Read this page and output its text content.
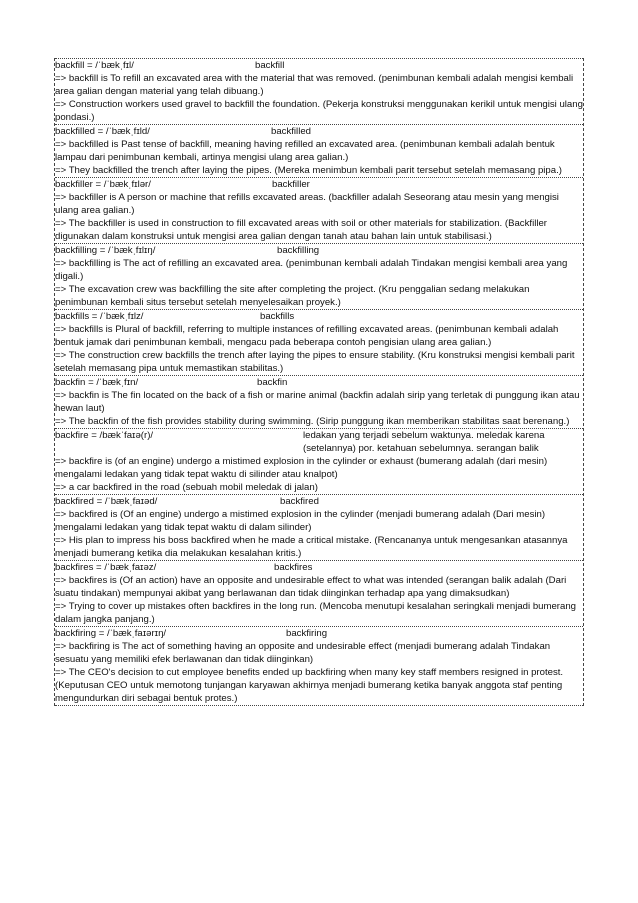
backfill = /ˈbækˌfɪl/	backfill
=> backfill is To refill an excavated area with the material that was removed. (penimbunan kembali adalah mengisi kembali area galian dengan material yang telah dibuang.)
=> Construction workers used gravel to backfill the foundation. (Pekerja konstruksi menggunakan kerikil untuk mengisi ulang pondasi.)
backfilled = /ˈbækˌfɪld/	backfilled
=> backfilled is Past tense of backfill, meaning having refilled an excavated area. (penimbunan kembali adalah bentuk lampau dari penimbunan kembali, artinya mengisi ulang area galian.)
=> They backfilled the trench after laying the pipes. (Mereka menimbun kembali parit tersebut setelah memasang pipa.)
backfiller = /ˈbækˌfɪlər/	backfiller
=> backfiller is A person or machine that refills excavated areas. (backfiller adalah Seseorang atau mesin yang mengisi ulang area galian.)
=> The backfiller is used in construction to fill excavated areas with soil or other materials for stabilization. (Backfiller digunakan dalam konstruksi untuk mengisi area galian dengan tanah atau bahan lain untuk stabilisasi.)
backfilling = /ˈbækˌfɪlɪŋ/	backfilling
=> backfilling is The act of refilling an excavated area. (penimbunan kembali adalah Tindakan mengisi kembali area yang digali.)
=> The excavation crew was backfilling the site after completing the project. (Kru penggalian sedang melakukan penimbunan kembali situs tersebut setelah menyelesaikan proyek.)
backfills = /ˈbækˌfɪlz/	backfills
=> backfills is Plural of backfill, referring to multiple instances of refilling excavated areas. (penimbunan kembali adalah bentuk jamak dari penimbunan kembali, mengacu pada beberapa contoh pengisian ulang area galian.)
=> The construction crew backfills the trench after laying the pipes to ensure stability. (Kru konstruksi mengisi kembali parit setelah memasang pipa untuk memastikan stabilitas.)
backfin = /ˈbækˌfɪn/	backfin
=> backfin is The fin located on the back of a fish or marine animal (backfin adalah sirip yang terletak di punggung ikan atau hewan laut)
=> The backfin of the fish provides stability during swimming. (Sirip punggung ikan memberikan stabilitas saat berenang.)
backfire = /bækˈfaɪə(r)/	ledakan yang terjadi sebelum waktunya. meledak karena (setelannya) por. ketahuan sebelumnya. serangan balik
=> backfire is (of an engine) undergo a mistimed explosion in the cylinder or exhaust (bumerang adalah (dari mesin) mengalami ledakan yang tidak tepat waktu di silinder atau knalpot)
=> a car backfired in the road (sebuah mobil meledak di jalan)
backfired = /ˈbækˌfaɪəd/	backfired
=> backfired is (Of an engine) undergo a mistimed explosion in the cylinder (menjadi bumerang adalah (Dari mesin) mengalami ledakan yang tidak tepat waktu di dalam silinder)
=> His plan to impress his boss backfired when he made a critical mistake. (Rencananya untuk mengesankan atasannya menjadi bumerang ketika dia melakukan kesalahan kritis.)
backfires = /ˈbækˌfaɪəz/	backfires
=> backfires is (Of an action) have an opposite and undesirable effect to what was intended (serangan balik adalah (Dari suatu tindakan) mempunyai akibat yang berlawanan dan tidak diinginkan terhadap apa yang dimaksudkan)
=> Trying to cover up mistakes often backfires in the long run. (Mencoba menutupi kesalahan seringkali menjadi bumerang dalam jangka panjang.)
backfiring = /ˈbækˌfaɪərɪŋ/	backfiring
=> backfiring is The act of something having an opposite and undesirable effect (menjadi bumerang adalah Tindakan sesuatu yang memiliki efek berlawanan dan tidak diinginkan)
=> The CEO's decision to cut employee benefits ended up backfiring when many key staff members resigned in protest. (Keputusan CEO untuk memotong tunjangan karyawan akhirnya menjadi bumerang ketika banyak anggota staf penting mengundurkan diri sebagai bentuk protes.)
